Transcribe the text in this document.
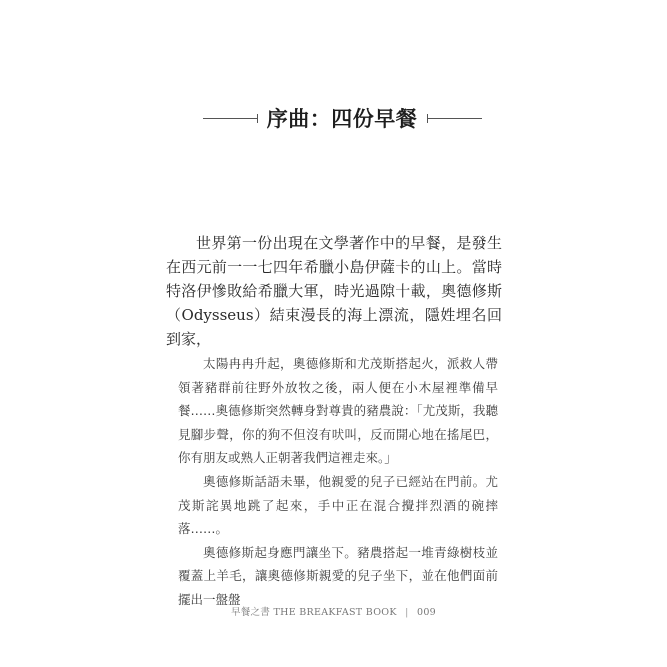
序曲：四份早餐

世界第一份出現在文學著作中的早餐，是發生在西元前一一七四年希臘小島伊薩卡的山上。當時特洛伊慘敗給希臘大軍，時光過隙十載，奧德修斯（Odysseus）結束漫長的海上漂流，隱姓埋名回到家，

太陽冉冉升起，奧德修斯和尤茂斯搭起火，派救人帶領著豬群前往野外放牧之後，兩人便在小木屋裡準備早餐……奧德修斯突然轉身對尊貴的豬農說：「尤茂斯，我聽見腳步聲，你的狗不但沒有吠叫，反而開心地在搖尾巴，你有朋友或熟人正朝著我們這裡走來。」

奧德修斯話語未畢，他親愛的兒子已經站在門前。尤茂斯詫異地跳了起來，手中正在混合攪拌烈酒的碗摔落……。

奧德修斯起身應門讓坐下。豬農搭起一堆青綠樹枝並覆蓋上羊毛，讓奧德修斯親愛的兒子坐下，並在他們面前擺出一盤盤

早餐之書 THE BREAKFAST BOOK | 009
